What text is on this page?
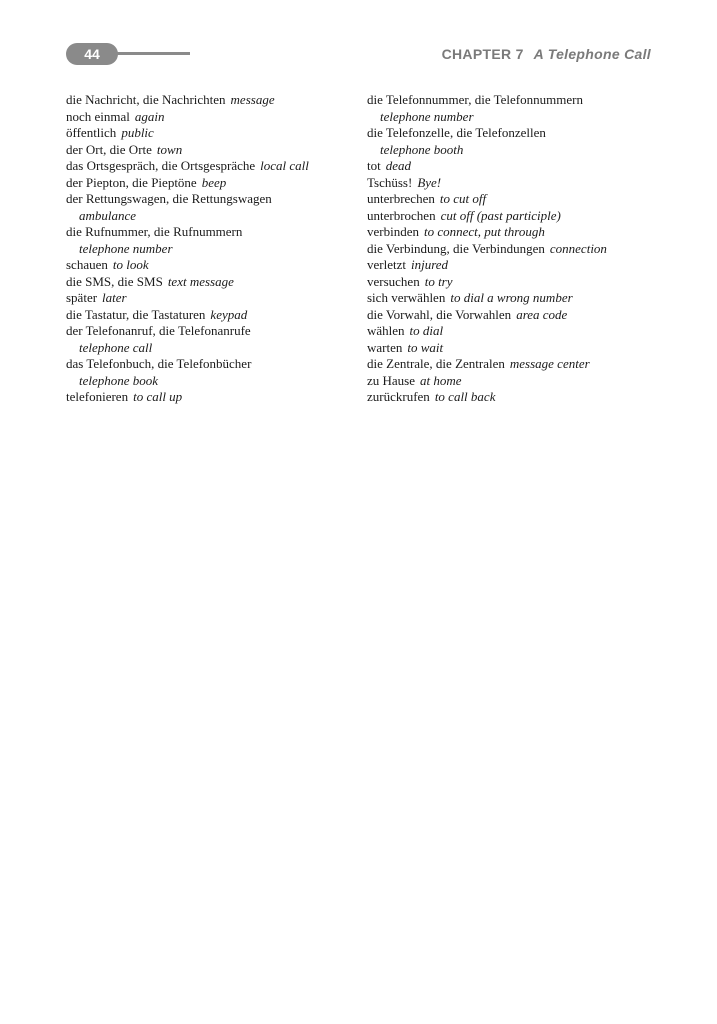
44	CHAPTER 7 A Telephone Call
die Nachricht, die Nachrichten message
noch einmal again
öffentlich public
der Ort, die Orte town
das Ortsgespräch, die Ortsgespräche local call
der Piepton, die Pieptöne beep
der Rettungswagen, die Rettungswagen
ambulance
die Rufnummer, die Rufnummern
telephone number
schauen to look
die SMS, die SMS text message
später later
die Tastatur, die Tastaturen keypad
der Telefonanruf, die Telefonanrufe
telephone call
das Telefonbuch, die Telefonbücher
telephone book
telefonieren to call up
die Telefonnummer, die Telefonnummern
telephone number
die Telefonzelle, die Telefonzellen
telephone booth
tot dead
Tschüss! Bye!
unterbrechen to cut off
unterbrochen cut off (past participle)
verbinden to connect, put through
die Verbindung, die Verbindungen connection
verletzt injured
versuchen to try
sich verwählen to dial a wrong number
die Vorwahl, die Vorwahlen area code
wählen to dial
warten to wait
die Zentrale, die Zentralen message center
zu Hause at home
zurückrufen to call back
